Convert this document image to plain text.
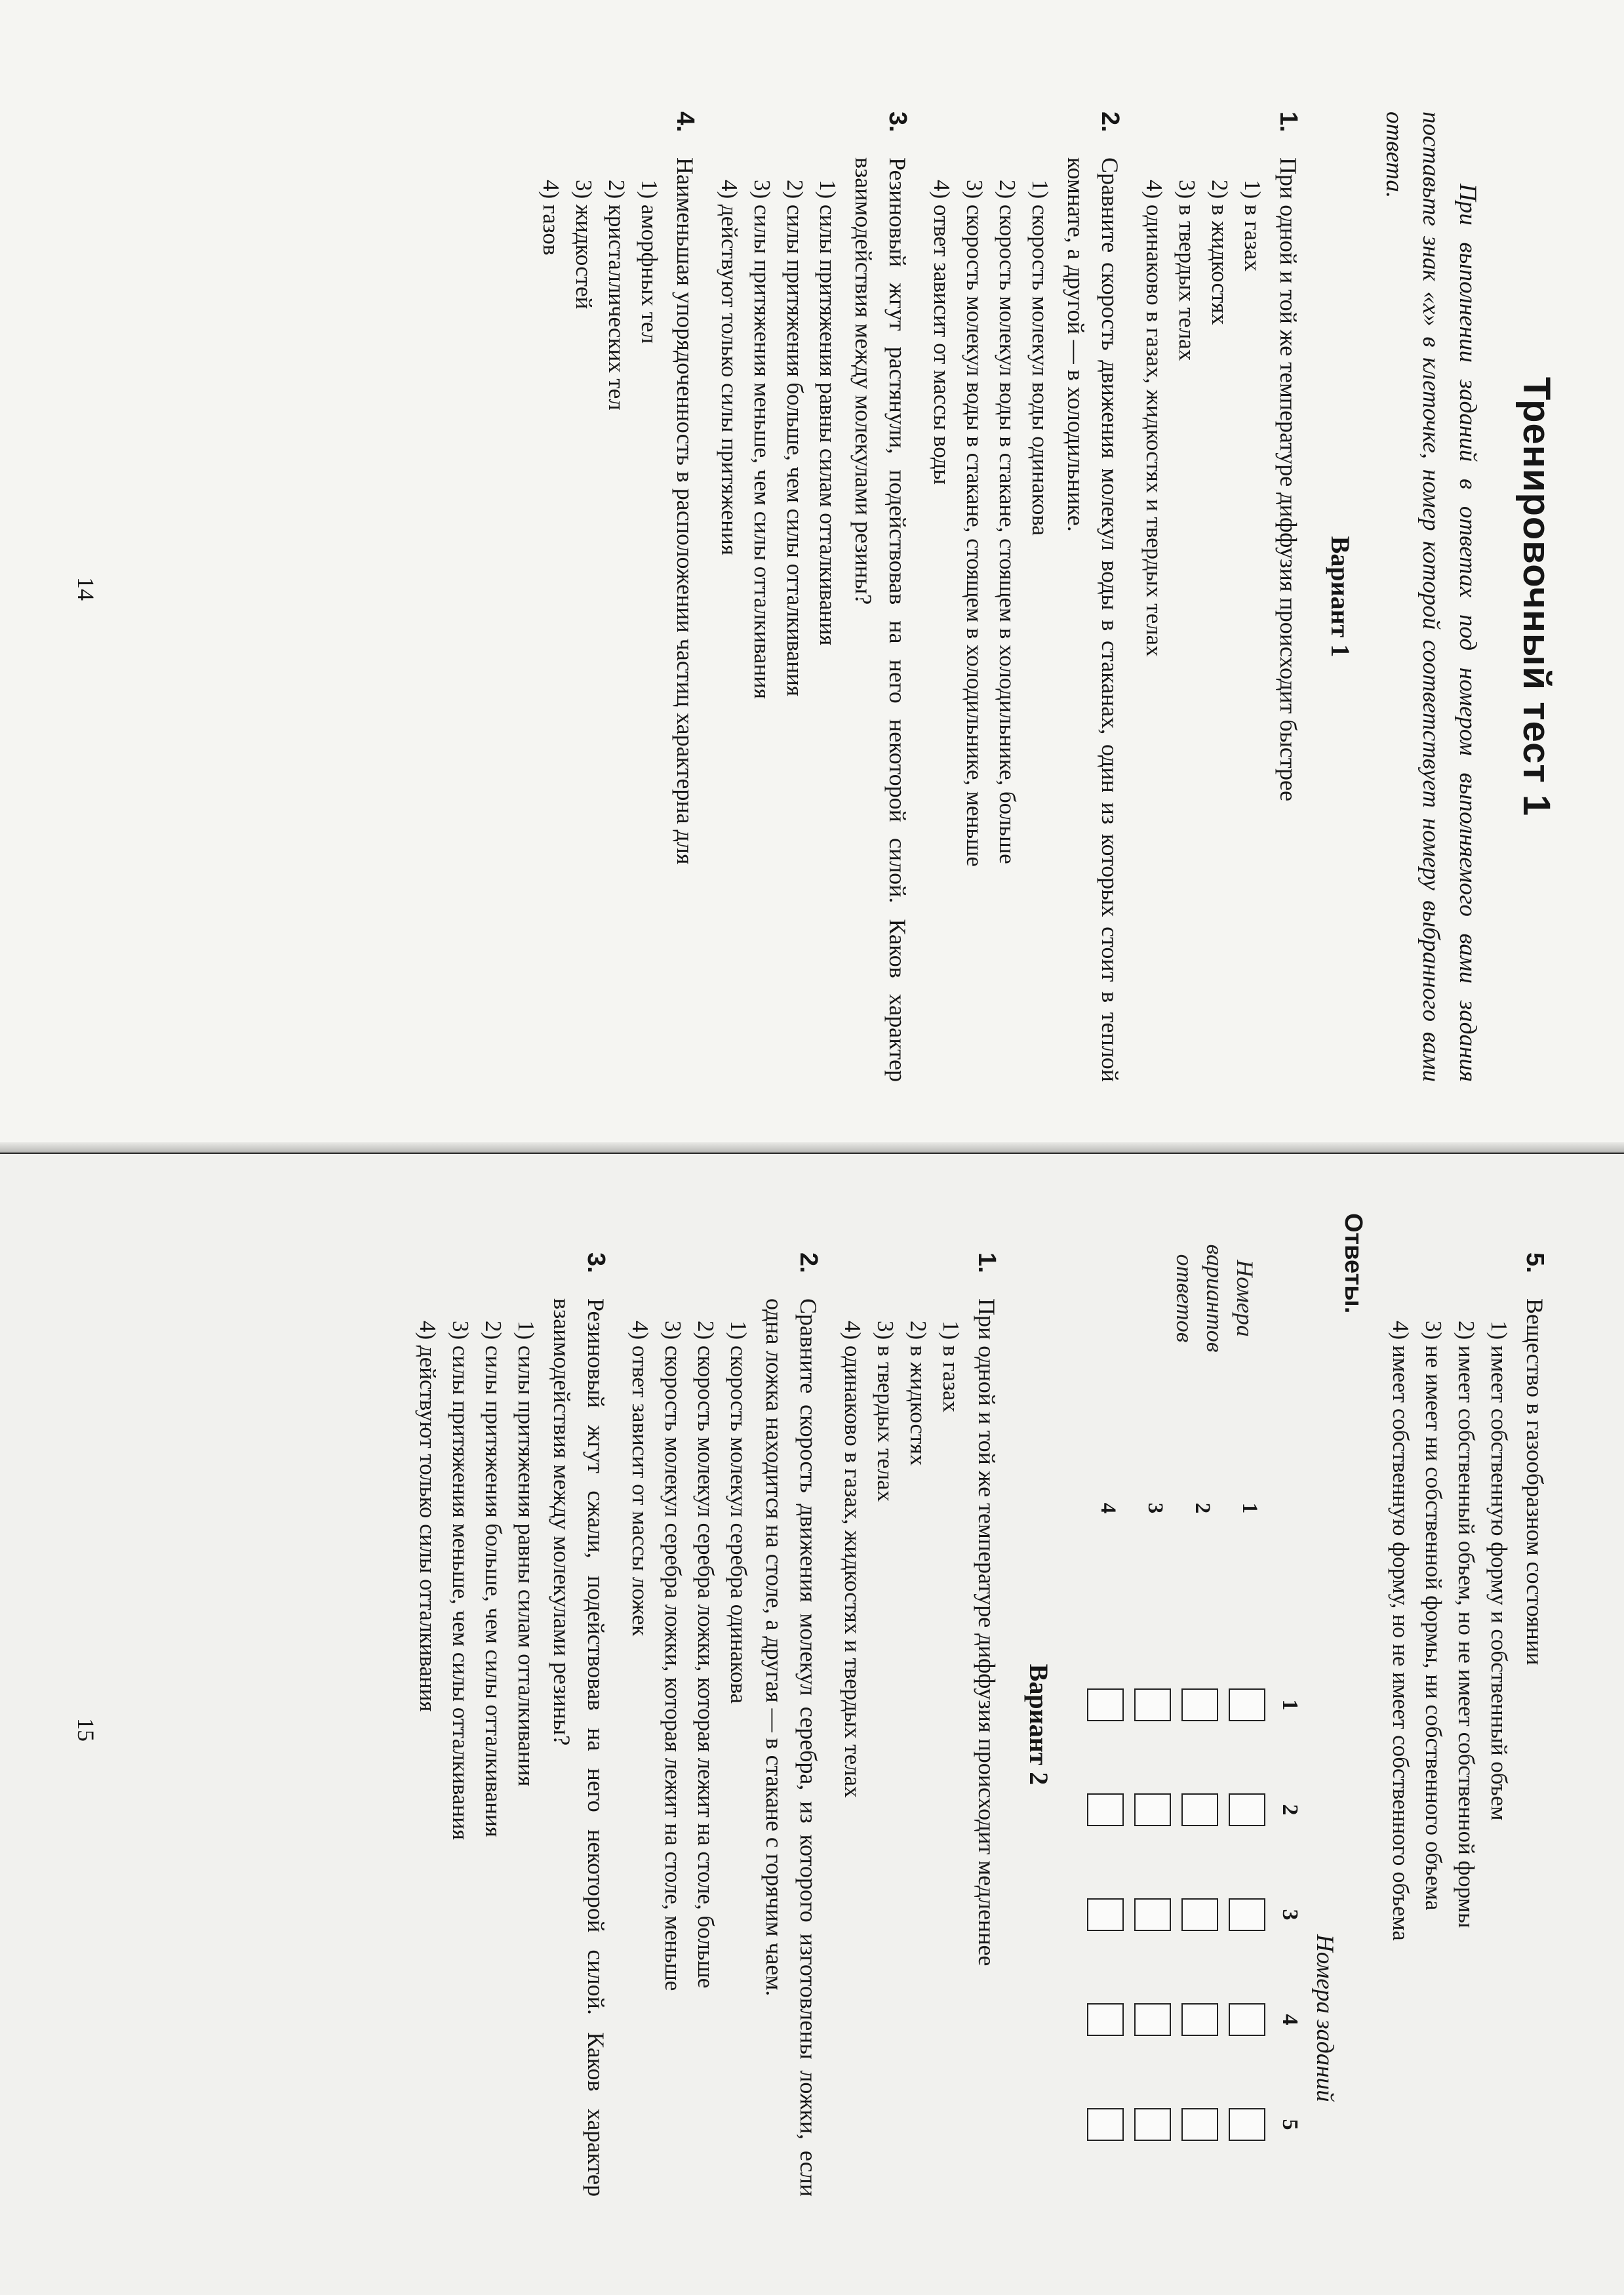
Тренировочный тест 1

При выполнении заданий в ответах под номером выполняемого вами задания поставьте знак «х» в клеточке, номер которой соответствует номеру выбранного вами ответа.

Вариант 1
1.
При одной и той же температуре диффузия происходит быстрее
1) в газах
2) в жидкостях
3) в твердых телах
4) одинаково в газах, жидкостях и твердых телах
2.
Сравните скорость движения молекул воды в стаканах, один из которых стоит в теплой комнате, а другой — в холодильнике.
1) скорость молекул воды одинакова
2) скорость молекул воды в стакане, стоящем в холодильнике, больше
3) скорость молекул воды в стакане, стоящем в холодильнике, меньше
4) ответ зависит от массы воды
3.
Резиновый жгут растянули, подействовав на него некоторой силой. Каков характер взаимодействия между молекулами резины?
1) силы притяжения равны силам отталкивания
2) силы притяжения больше, чем силы отталкивания
3) силы притяжения меньше, чем силы отталкивания
4) действуют только силы притяжения
4.
Наименьшая упорядоченность в расположении частиц характерна для
1) аморфных тел
2) кристаллических тел
3) жидкостей
4) газов
14
5.
Вещество в газообразном состоянии
1) имеет собственную форму и собственный объем
2) имеет собственный объем, но не имеет собственной формы
3) не имеет ни собственной формы, ни собственного объема
4) имеет собственную форму, но не имеет собственного объема
Ответы.
Номера заданий
Номера вариантов ответов
1
2
3
4
5
1
2
3
4
Вариант 2
1.
При одной и той же температуре диффузия происходит медленнее
1) в газах
2) в жидкостях
3) в твердых телах
4) одинаково в газах, жидкостях и твердых телах
2.
Сравните скорость движения молекул серебра, из которого изготовлены ложки, если одна ложка находится на столе, а другая — в стакане с горячим чаем.
1) скорость молекул серебра одинакова
2) скорость молекул серебра ложки, которая лежит на столе, больше
3) скорость молекул серебра ложки, которая лежит на столе, меньше
4) ответ зависит от массы ложек
3.
Резиновый жгут сжали, подействовав на него некоторой силой. Каков характер взаимодействия между молекулами резины?
1) силы притяжения равны силам отталкивания
2) силы притяжения больше, чем силы отталкивания
3) силы притяжения меньше, чем силы отталкивания
4) действуют только силы отталкивания
15
